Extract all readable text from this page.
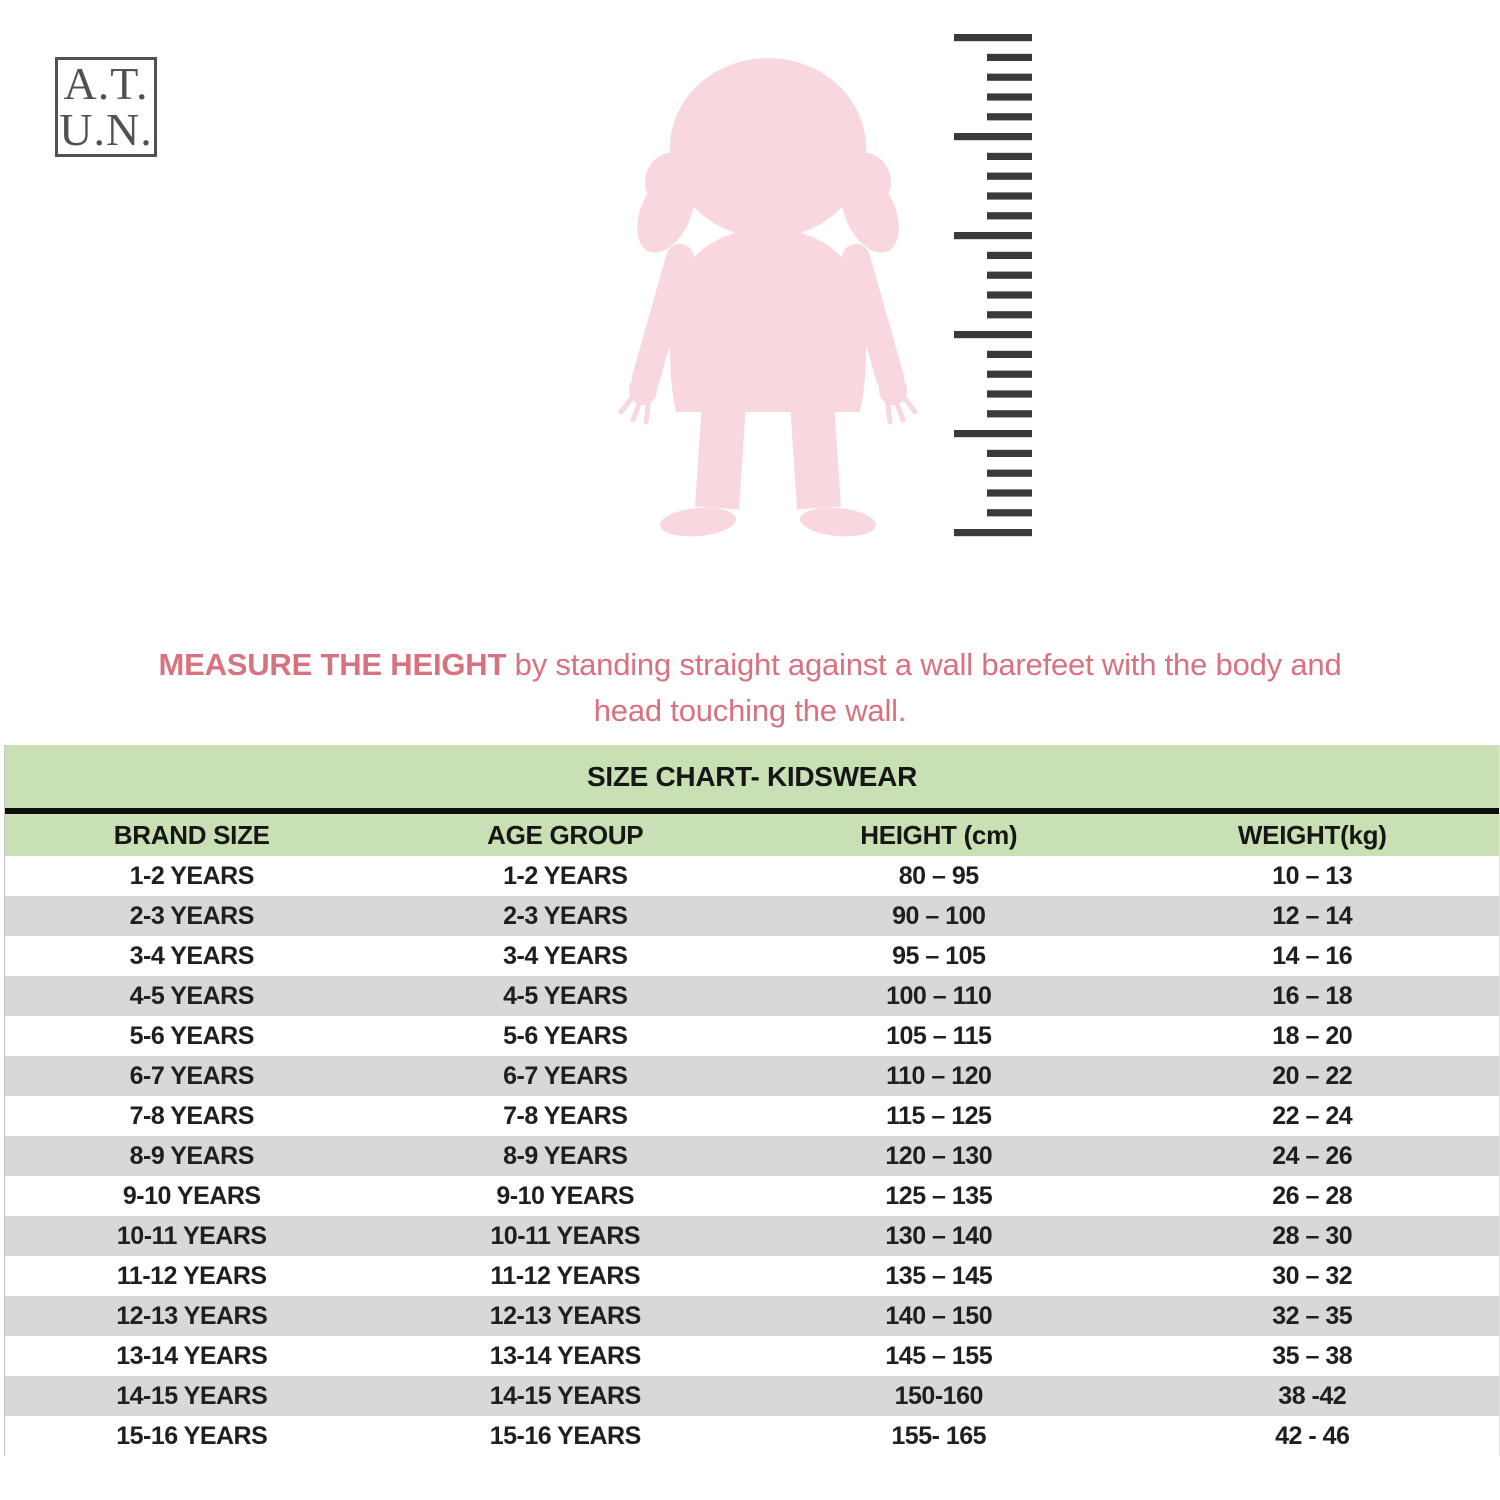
A.T.
U.N.
MEASURE THE HEIGHT by standing straight against a wall barefeet with the body and head touching the wall.
SIZE CHART- KIDSWEAR
BRAND SIZE	AGE GROUP	HEIGHT (cm)	WEIGHT(kg)
1-2 YEARS	1-2 YEARS	80 – 95	10 – 13
2-3 YEARS	2-3 YEARS	90 – 100	12 – 14
3-4 YEARS	3-4 YEARS	95 – 105	14 – 16
4-5 YEARS	4-5 YEARS	100 – 110	16 – 18
5-6 YEARS	5-6 YEARS	105 – 115	18 – 20
6-7 YEARS	6-7 YEARS	110 – 120	20 – 22
7-8 YEARS	7-8 YEARS	115 – 125	22 – 24
8-9 YEARS	8-9 YEARS	120 – 130	24 – 26
9-10 YEARS	9-10 YEARS	125 – 135	26 – 28
10-11 YEARS	10-11 YEARS	130 – 140	28 – 30
11-12 YEARS	11-12 YEARS	135 – 145	30 – 32
12-13 YEARS	12-13 YEARS	140 – 150	32 – 35
13-14 YEARS	13-14 YEARS	145 – 155	35 – 38
14-15 YEARS	14-15 YEARS	150-160	38 -42
15-16 YEARS	15-16 YEARS	155- 165	42 - 46
